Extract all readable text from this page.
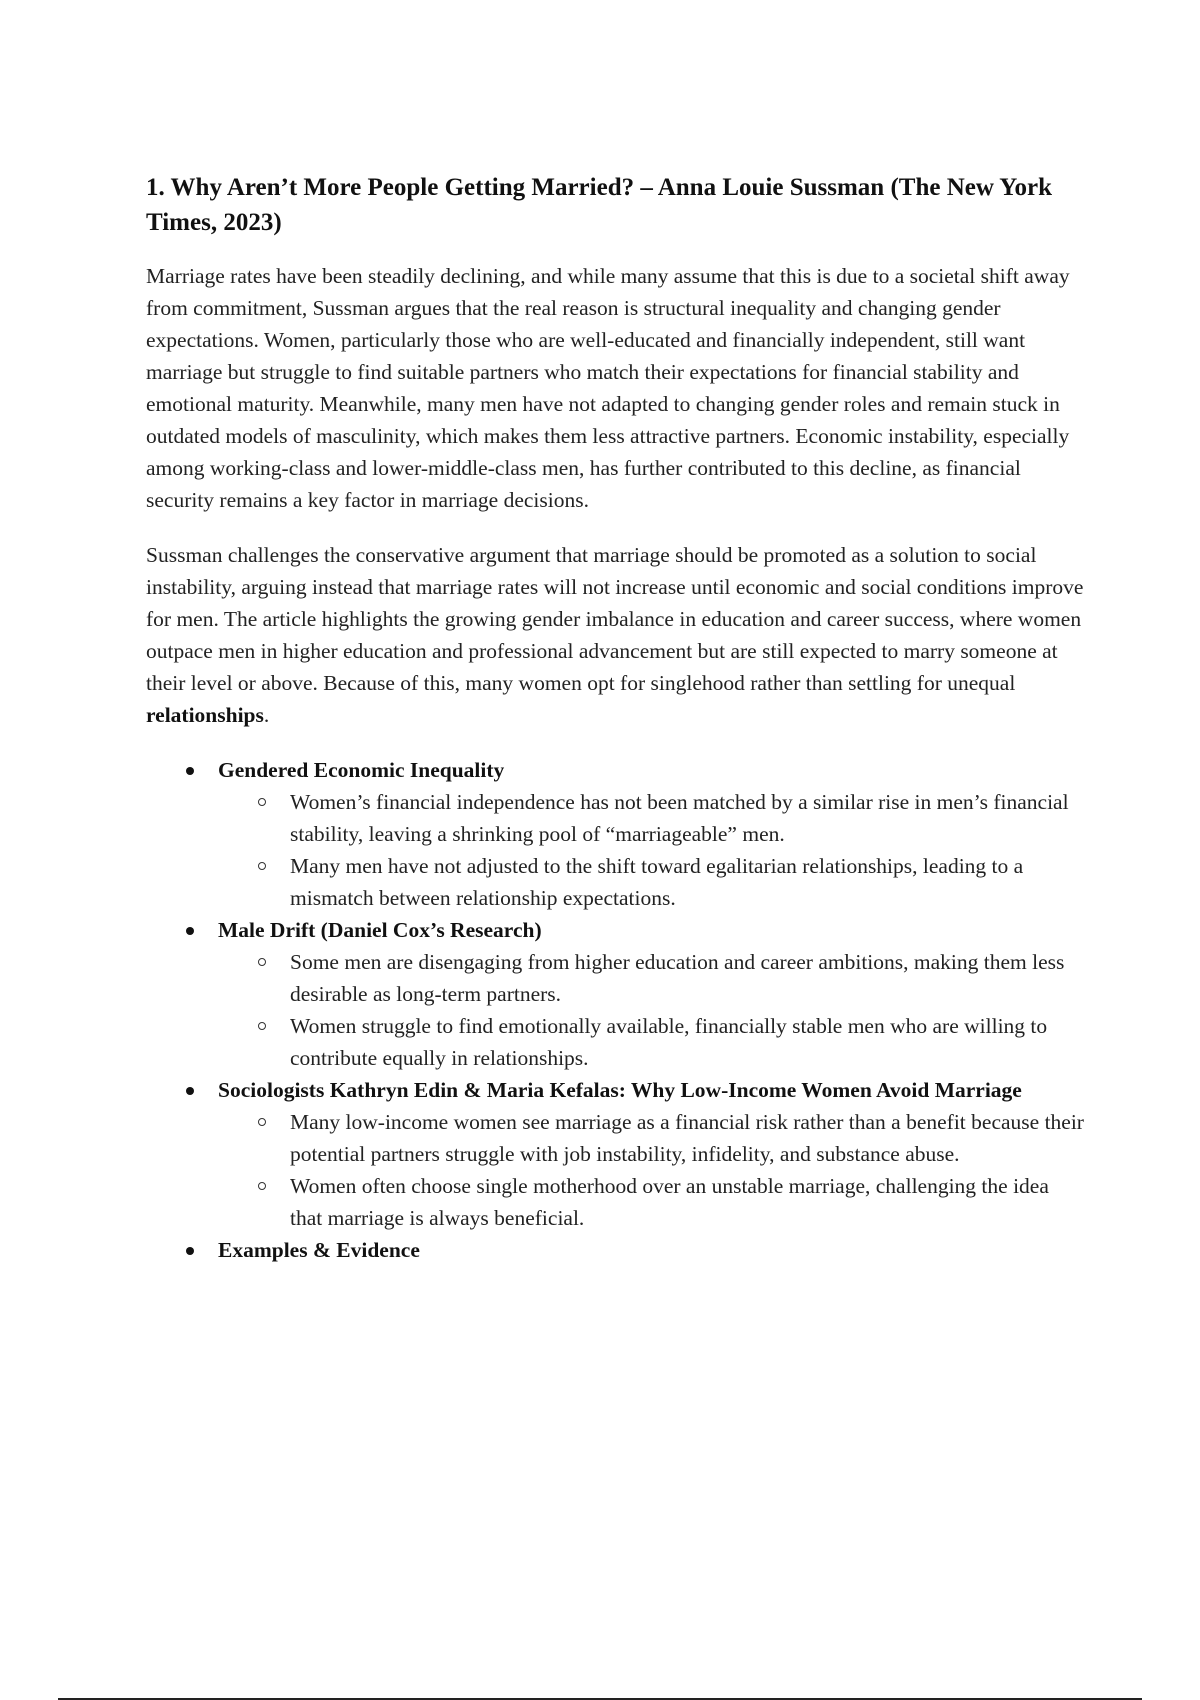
1. Why Aren’t More People Getting Married? – Anna Louie Sussman (The New York Times, 2023)

Marriage rates have been steadily declining, and while many assume that this is due to a societal shift away from commitment, Sussman argues that the real reason is structural inequality and changing gender expectations. Women, particularly those who are well-educated and financially independent, still want marriage but struggle to find suitable partners who match their expectations for financial stability and emotional maturity. Meanwhile, many men have not adapted to changing gender roles and remain stuck in outdated models of masculinity, which makes them less attractive partners. Economic instability, especially among working-class and lower-middle-class men, has further contributed to this decline, as financial security remains a key factor in marriage decisions.

Sussman challenges the conservative argument that marriage should be promoted as a solution to social instability, arguing instead that marriage rates will not increase until economic and social conditions improve for men. The article highlights the growing gender imbalance in education and career success, where women outpace men in higher education and professional advancement but are still expected to marry someone at their level or above. Because of this, many women opt for singlehood rather than settling for unequal relationships.

Gendered Economic Inequality
Women’s financial independence has not been matched by a similar rise in men’s financial stability, leaving a shrinking pool of “marriageable” men.
Many men have not adjusted to the shift toward egalitarian relationships, leading to a mismatch between relationship expectations.
Male Drift (Daniel Cox’s Research)
Some men are disengaging from higher education and career ambitions, making them less desirable as long-term partners.
Women struggle to find emotionally available, financially stable men who are willing to contribute equally in relationships.
Sociologists Kathryn Edin & Maria Kefalas: Why Low-Income Women Avoid Marriage
Many low-income women see marriage as a financial risk rather than a benefit because their potential partners struggle with job instability, infidelity, and substance abuse.
Women often choose single motherhood over an unstable marriage, challenging the idea that marriage is always beneficial.
Examples & Evidence
